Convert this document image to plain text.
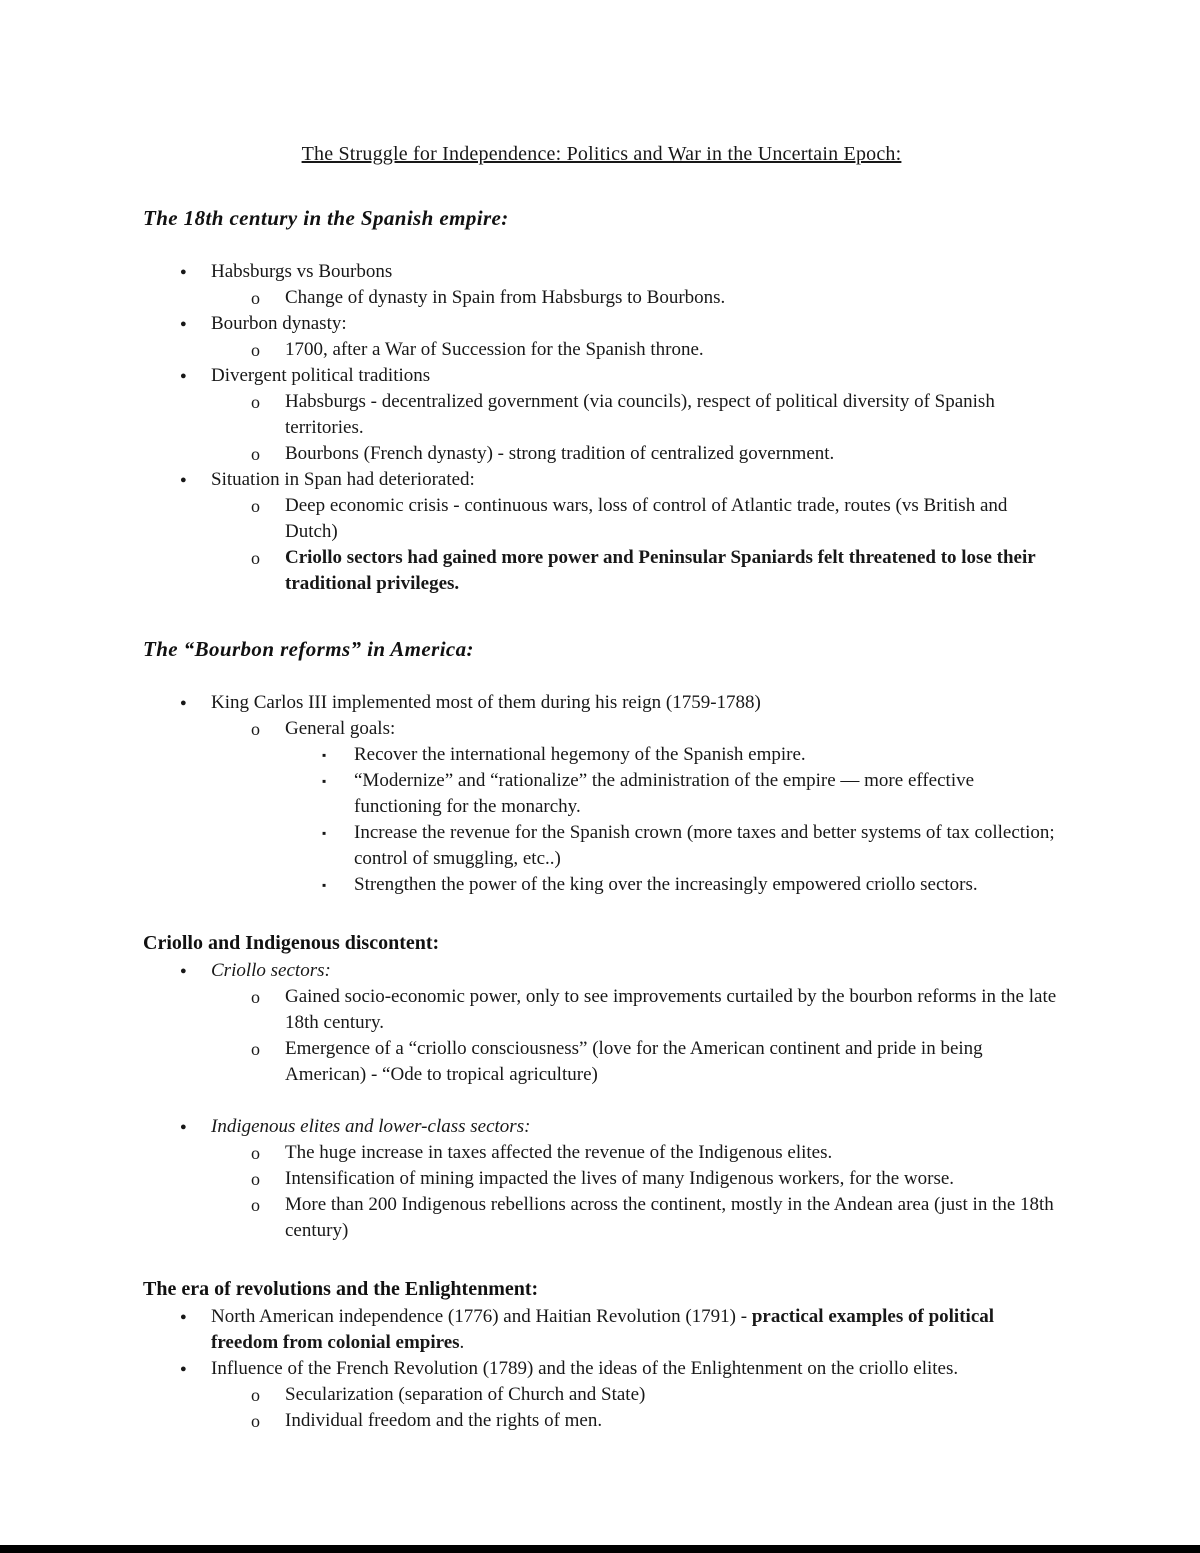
The Struggle for Independence: Politics and War in the Uncertain Epoch:
The 18th century in the Spanish empire:
●	Habsburgs vs Bourbons
o	Change of dynasty in Spain from Habsburgs to Bourbons.
●	Bourbon dynasty:
o	1700, after a War of Succession for the Spanish throne.
●	Divergent political traditions
o	Habsburgs - decentralized government (via councils), respect of political diversity of Spanish territories.
o	Bourbons (French dynasty) - strong tradition of centralized government.
●	Situation in Span had deteriorated:
o	Deep economic crisis - continuous wars, loss of control of Atlantic trade, routes (vs British and Dutch)
o	Criollo sectors had gained more power and Peninsular Spaniards felt threatened to lose their traditional privileges.
The “Bourbon reforms” in America:
●	King Carlos III implemented most of them during his reign (1759-1788)
o	General goals:
▪	Recover the international hegemony of the Spanish empire.
▪	“Modernize” and “rationalize” the administration of the empire — more effective functioning for the monarchy.
▪	Increase the revenue for the Spanish crown (more taxes and better systems of tax collection; control of smuggling, etc..)
▪	Strengthen the power of the king over the increasingly empowered criollo sectors.
Criollo and Indigenous discontent:
●	Criollo sectors:
o	Gained socio-economic power, only to see improvements curtailed by the bourbon reforms in the late 18th century.
o	Emergence of a “criollo consciousness” (love for the American continent and pride in being American) - “Ode to tropical agriculture)
●	Indigenous elites and lower-class sectors:
o	The huge increase in taxes affected the revenue of the Indigenous elites.
o	Intensification of mining impacted the lives of many Indigenous workers, for the worse.
o	More than 200 Indigenous rebellions across the continent, mostly in the Andean area (just in the 18th century)
The era of revolutions and the Enlightenment:
●	North American independence (1776) and Haitian Revolution (1791) - practical examples of political freedom from colonial empires.
●	Influence of the French Revolution (1789) and the ideas of the Enlightenment on the criollo elites.
o	Secularization (separation of Church and State)
o	Individual freedom and the rights of men.
